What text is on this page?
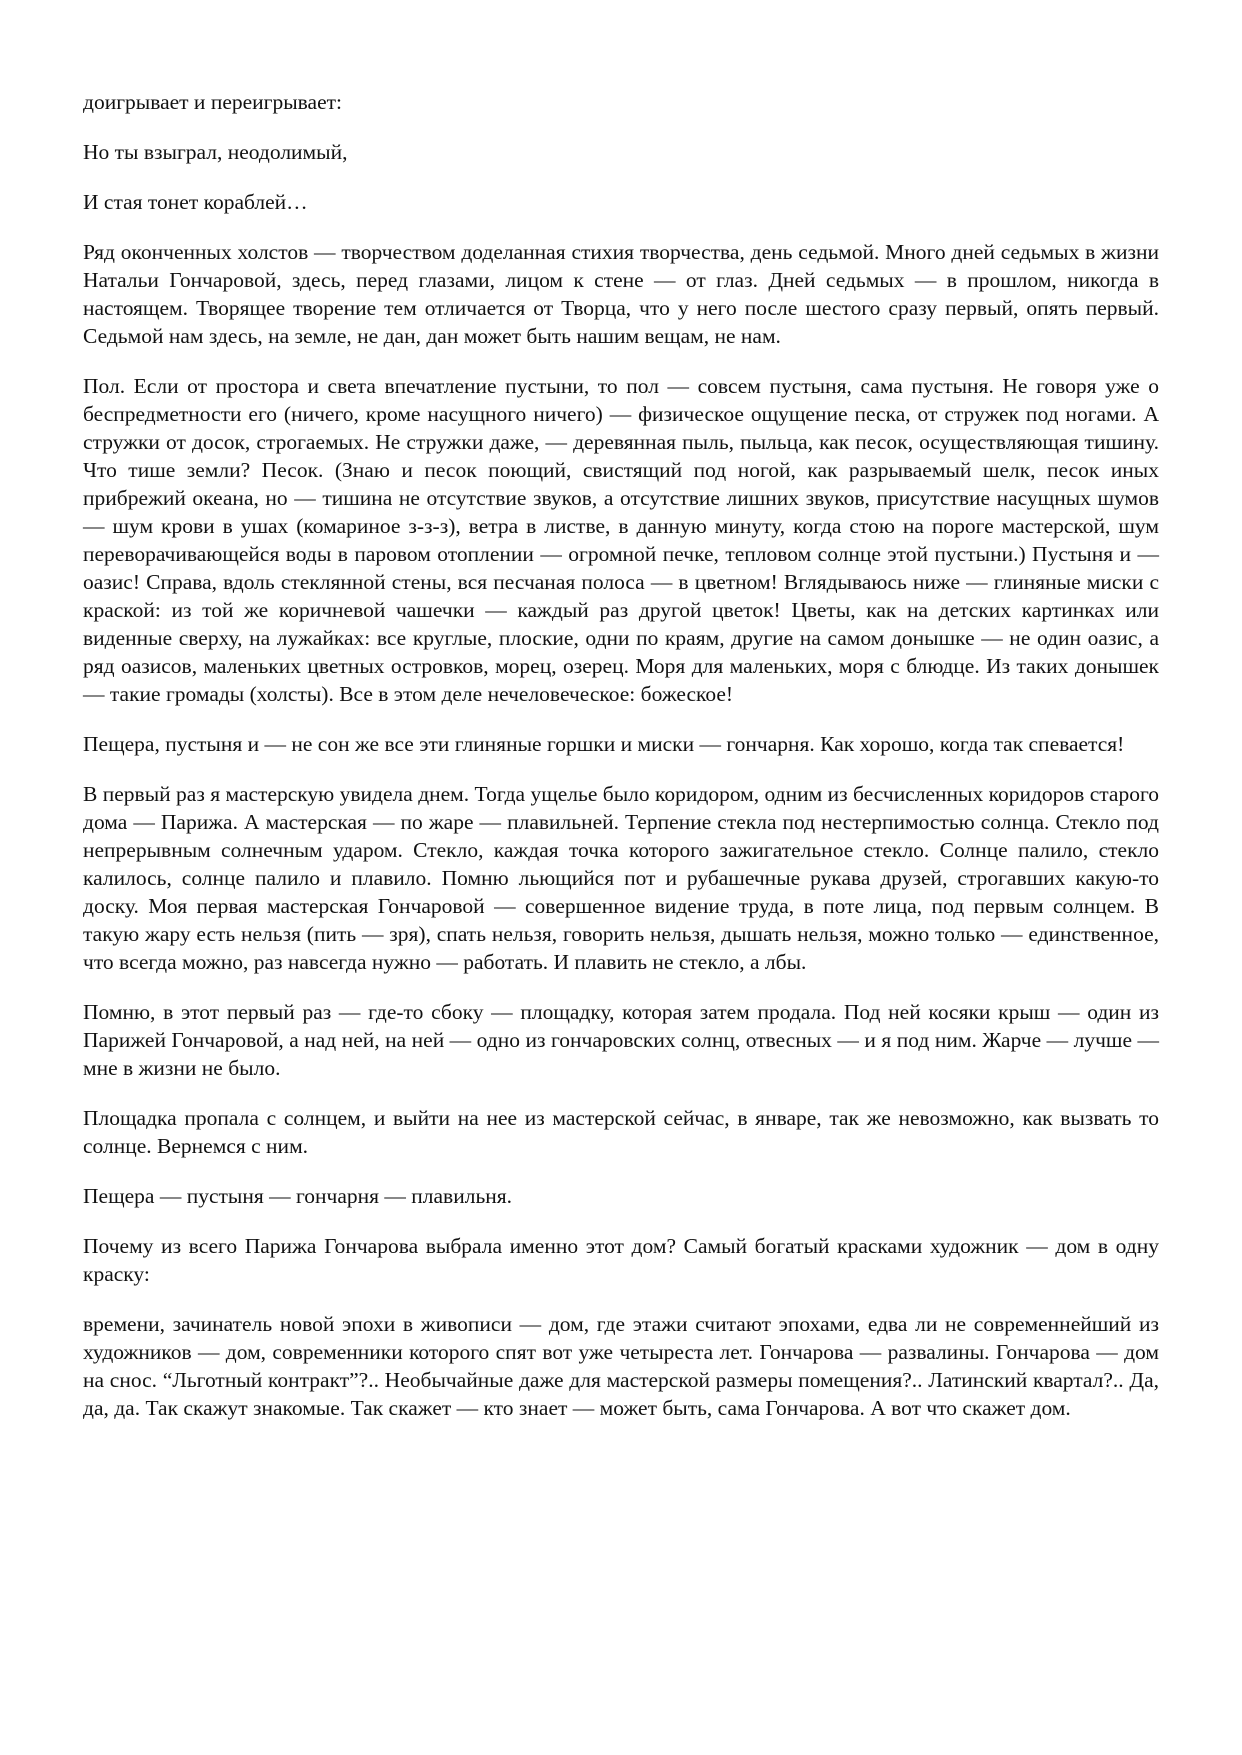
доигрывает и переигрывает:

Но ты взыграл, неодолимый,

И стая тонет кораблей…

Ряд оконченных холстов — творчеством доделанная стихия творчества, день седьмой. Много дней седьмых в жизни Натальи Гончаровой, здесь, перед глазами, лицом к стене — от глаз. Дней седьмых — в прошлом, никогда в настоящем. Творящее творение тем отличается от Творца, что у него после шестого сразу первый, опять первый. Седьмой нам здесь, на земле, не дан, дан может быть нашим вещам, не нам.

Пол. Если от простора и света впечатление пустыни, то пол — совсем пустыня, сама пустыня. Не говоря уже о беспредметности его (ничего, кроме насущного ничего) — физическое ощущение песка, от стружек под ногами. А стружки от досок, строгаемых. Не стружки даже, — деревянная пыль, пыльца, как песок, осуществляющая тишину. Что тише земли? Песок. (Знаю и песок поющий, свистящий под ногой, как разрываемый шелк, песок иных прибрежий океана, но — тишина не отсутствие звуков, а отсутствие лишних звуков, присутствие насущных шумов — шум крови в ушах (комариное з-з-з), ветра в листве, в данную минуту, когда стою на пороге мастерской, шум переворачивающейся воды в паровом отоплении — огромной печке, тепловом солнце этой пустыни.) Пустыня и — оазис! Справа, вдоль стеклянной стены, вся песчаная полоса — в цветном! Вглядываюсь ниже — глиняные миски с краской: из той же коричневой чашечки — каждый раз другой цветок! Цветы, как на детских картинках или виденные сверху, на лужайках: все круглые, плоские, одни по краям, другие на самом донышке — не один оазис, а ряд оазисов, маленьких цветных островков, морец, озерец. Моря для маленьких, моря с блюдце. Из таких донышек — такие громады (холсты). Все в этом деле нечеловеческое: божеское!

Пещера, пустыня и — не сон же все эти глиняные горшки и миски — гончарня. Как хорошо, когда так спевается!

В первый раз я мастерскую увидела днем. Тогда ущелье было коридором, одним из бесчисленных коридоров старого дома — Парижа. А мастерская — по жаре — плавильней. Терпение стекла под нестерпимостью солнца. Стекло под непрерывным солнечным ударом. Стекло, каждая точка которого зажигательное стекло. Солнце палило, стекло калилось, солнце палило и плавило. Помню льющийся пот и рубашечные рукава друзей, строгавших какую-то доску. Моя первая мастерская Гончаровой — совершенное видение труда, в поте лица, под первым солнцем. В такую жару есть нельзя (пить — зря), спать нельзя, говорить нельзя, дышать нельзя, можно только — единственное, что всегда можно, раз навсегда нужно — работать. И плавить не стекло, а лбы.

Помню, в этот первый раз — где-то сбоку — площадку, которая затем продала. Под ней косяки крыш — один из Парижей Гончаровой, а над ней, на ней — одно из гончаровских солнц, отвесных — и я под ним. Жарче — лучше — мне в жизни не было.

Площадка пропала с солнцем, и выйти на нее из мастерской сейчас, в январе, так же невозможно, как вызвать то солнце. Вернемся с ним.

Пещера — пустыня — гончарня — плавильня.

Почему из всего Парижа Гончарова выбрала именно этот дом? Самый богатый красками художник — дом в одну краску:

времени, зачинатель новой эпохи в живописи — дом, где этажи считают эпохами, едва ли не современнейший из художников — дом, современники которого спят вот уже четыреста лет. Гончарова — развалины. Гончарова — дом на снос. “Льготный контракт”?.. Необычайные даже для мастерской размеры помещения?.. Латинский квартал?.. Да, да, да. Так скажут знакомые. Так скажет — кто знает — может быть, сама Гончарова. А вот что скажет дом.
